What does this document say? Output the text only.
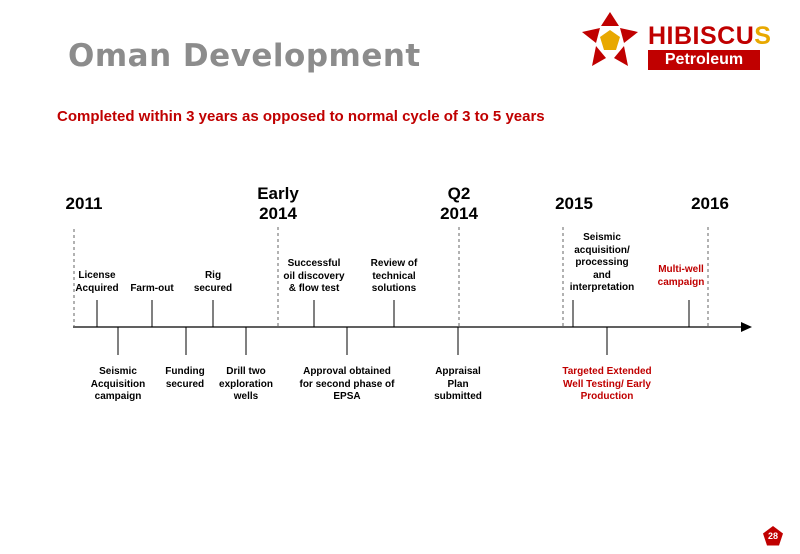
Oman Development
HIBISCUS
Petroleum
Completed within 3 years as opposed to normal cycle of 3 to 5 years
2011
Early
2014
Q2
2014
2015	2016
License
Acquired	Farm-out
Rig
secured
Successful
oil discovery
& flow test
Review of
technical
solutions
Seismic
acquisition/
processing
and
interpretation
Multi-well
campaign
Seismic
Acquisition
campaign
Funding
secured
Drill two
exploration
wells
Approval obtained
for second phase of
EPSA
Appraisal
Plan
submitted
Targeted Extended
Well Testing/ Early
Production
28
